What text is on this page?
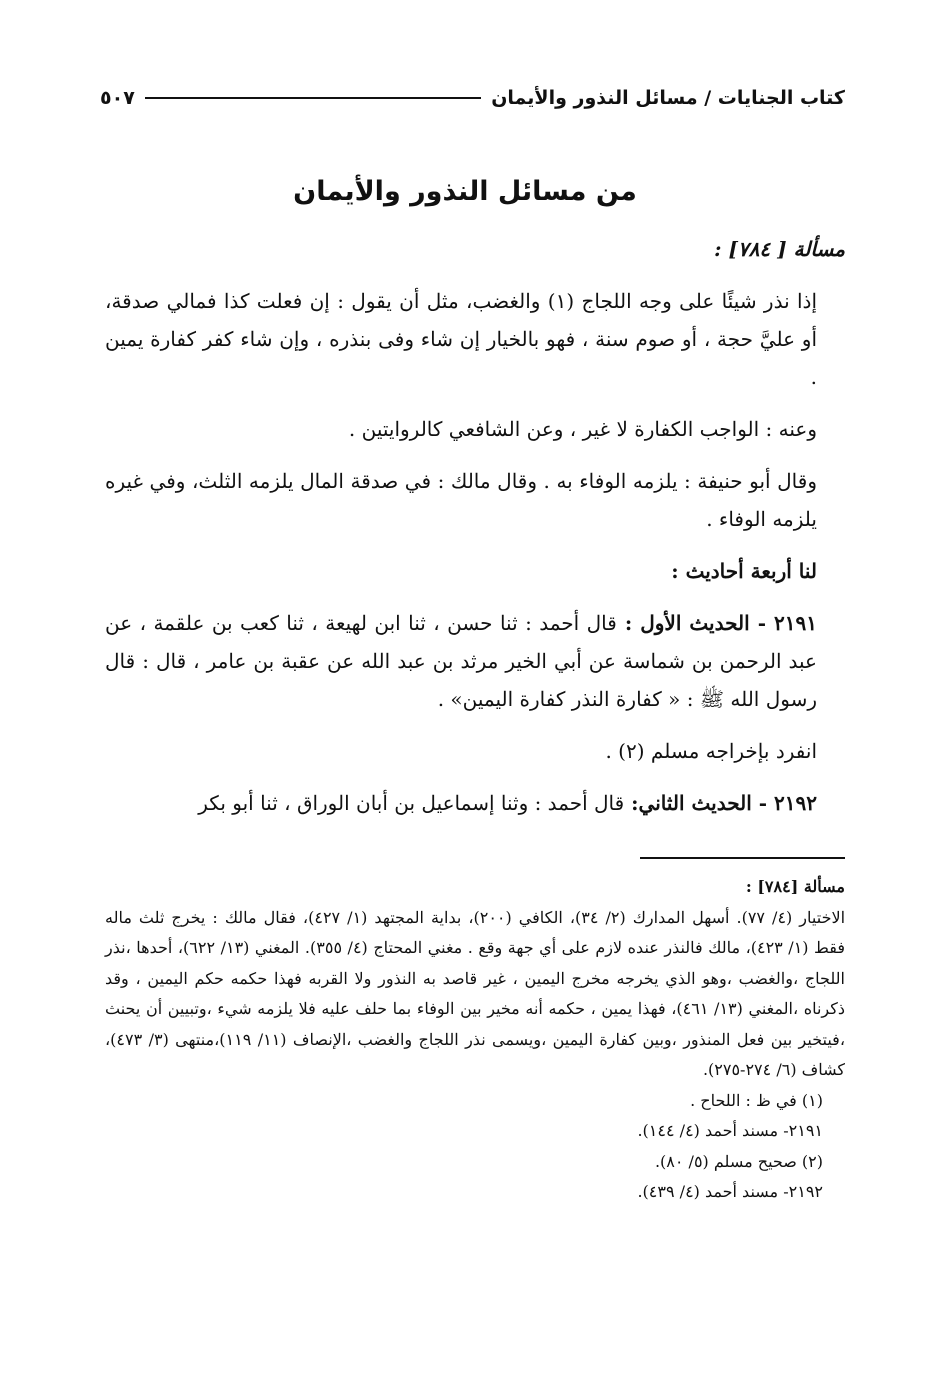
كتاب الجنايات / مسائل النذور والأيمان
٥٠٧
من مسائل النذور والأيمان

مسألة [ ٧٨٤] :

إذا نذر شيئًا على وجه اللجاج (١) والغضب، مثل أن يقول : إن فعلت كذا فمالي صدقة، أو عليَّ حجة ، أو صوم سنة ، فهو بالخيار إن شاء وفى بنذره ، وإن شاء كفر كفارة يمين .

وعنه : الواجب الكفارة لا غير ، وعن الشافعي كالروايتين .

وقال أبو حنيفة : يلزمه الوفاء به . وقال مالك : في صدقة المال يلزمه الثلث، وفي غيره يلزمه الوفاء .

لنا أربعة أحاديث :

٢١٩١ - الحديث الأول : قال أحمد : ثنا حسن ، ثنا ابن لهيعة ، ثنا كعب بن علقمة ، عن عبد الرحمن بن شماسة عن أبي الخير مرثد بن عبد الله عن عقبة بن عامر ، قال : قال رسول الله ﷺ : « كفارة النذر كفارة اليمين» .

انفرد بإخراجه مسلم (٢) .

٢١٩٢ - الحديث الثاني: قال أحمد : وثنا إسماعيل بن أبان الوراق ، ثنا أبو بكر

مسألة [٧٨٤] :

الاختيار (٤/ ٧٧). أسهل المدارك (٢/ ٣٤)، الكافي (٢٠٠)، بداية المجتهد (١/ ٤٢٧)، فقال مالك : يخرج ثلث ماله فقط (١/ ٤٢٣)، مالك فالنذر عنده لازم على أي جهة وقع . مغني المحتاج (٤/ ٣٥٥). المغني (١٣/ ٦٢٢)، أحدها ،نذر اللجاج ،والغضب ،وهو الذي يخرجه مخرج اليمين ، غير قاصد به النذور ولا القربه فهذا حكمه حكم اليمين ، وقد ذكرناه ،المغني (١٣/ ٤٦١)، فهذا يمين ، حكمه أنه مخير بين الوفاء بما حلف عليه فلا يلزمه شيء ،وتبيين أن يحنث ،فيتخير بين فعل المنذور ،وبين كفارة اليمين ،ويسمى نذر اللجاج والغضب ،الإنصاف (١١/ ١١٩)،منتهى (٣/ ٤٧٣)، كشاف (٦/ ٢٧٤-٢٧٥).

(١) في ظ : اللحاح .

٢١٩١- مسند أحمد (٤/ ١٤٤).

(٢) صحيح مسلم (٥/ ٨٠).

٢١٩٢- مسند أحمد (٤/ ٤٣٩).
